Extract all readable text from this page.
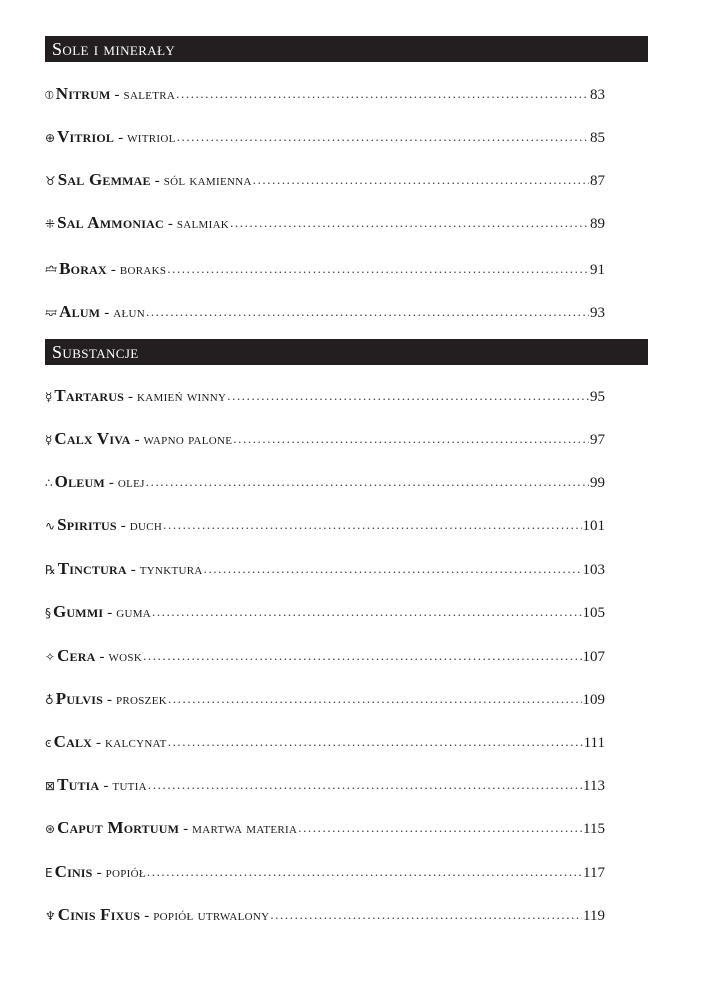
Sole i minerały
⦶ Nitrum - saletra .....	83
⊕ Vitriol - witriol .....	85
♉ Sal Gemmae - sól kamienna .....	87
⁜ Sal Ammoniac - salmiak .....	89
🝞 Borax - boraks .....	91
🝟 Alum - ałun .....	93
Substancje
☿ Tartarus - kamień winny .....	95
☿ Calx Viva - wapno palone .....	97
∴ Oleum - olej .....	99
∿ Spiritus - duch .....	101
℞ Tinctura - tynktura .....	103
§ Gummi - guma .....	105
✧ Cera - wosk .....	107
♁ Pulvis - proszek .....	109
ͼ Calx - kalcynat .....	111
⊠ Tutia - tutia .....	113
⊛ Caput Mortuum - martwa materia .....	115
E Cinis - popiół .....	117
♆ Cinis Fixus - popiół utrwalony .....	119
